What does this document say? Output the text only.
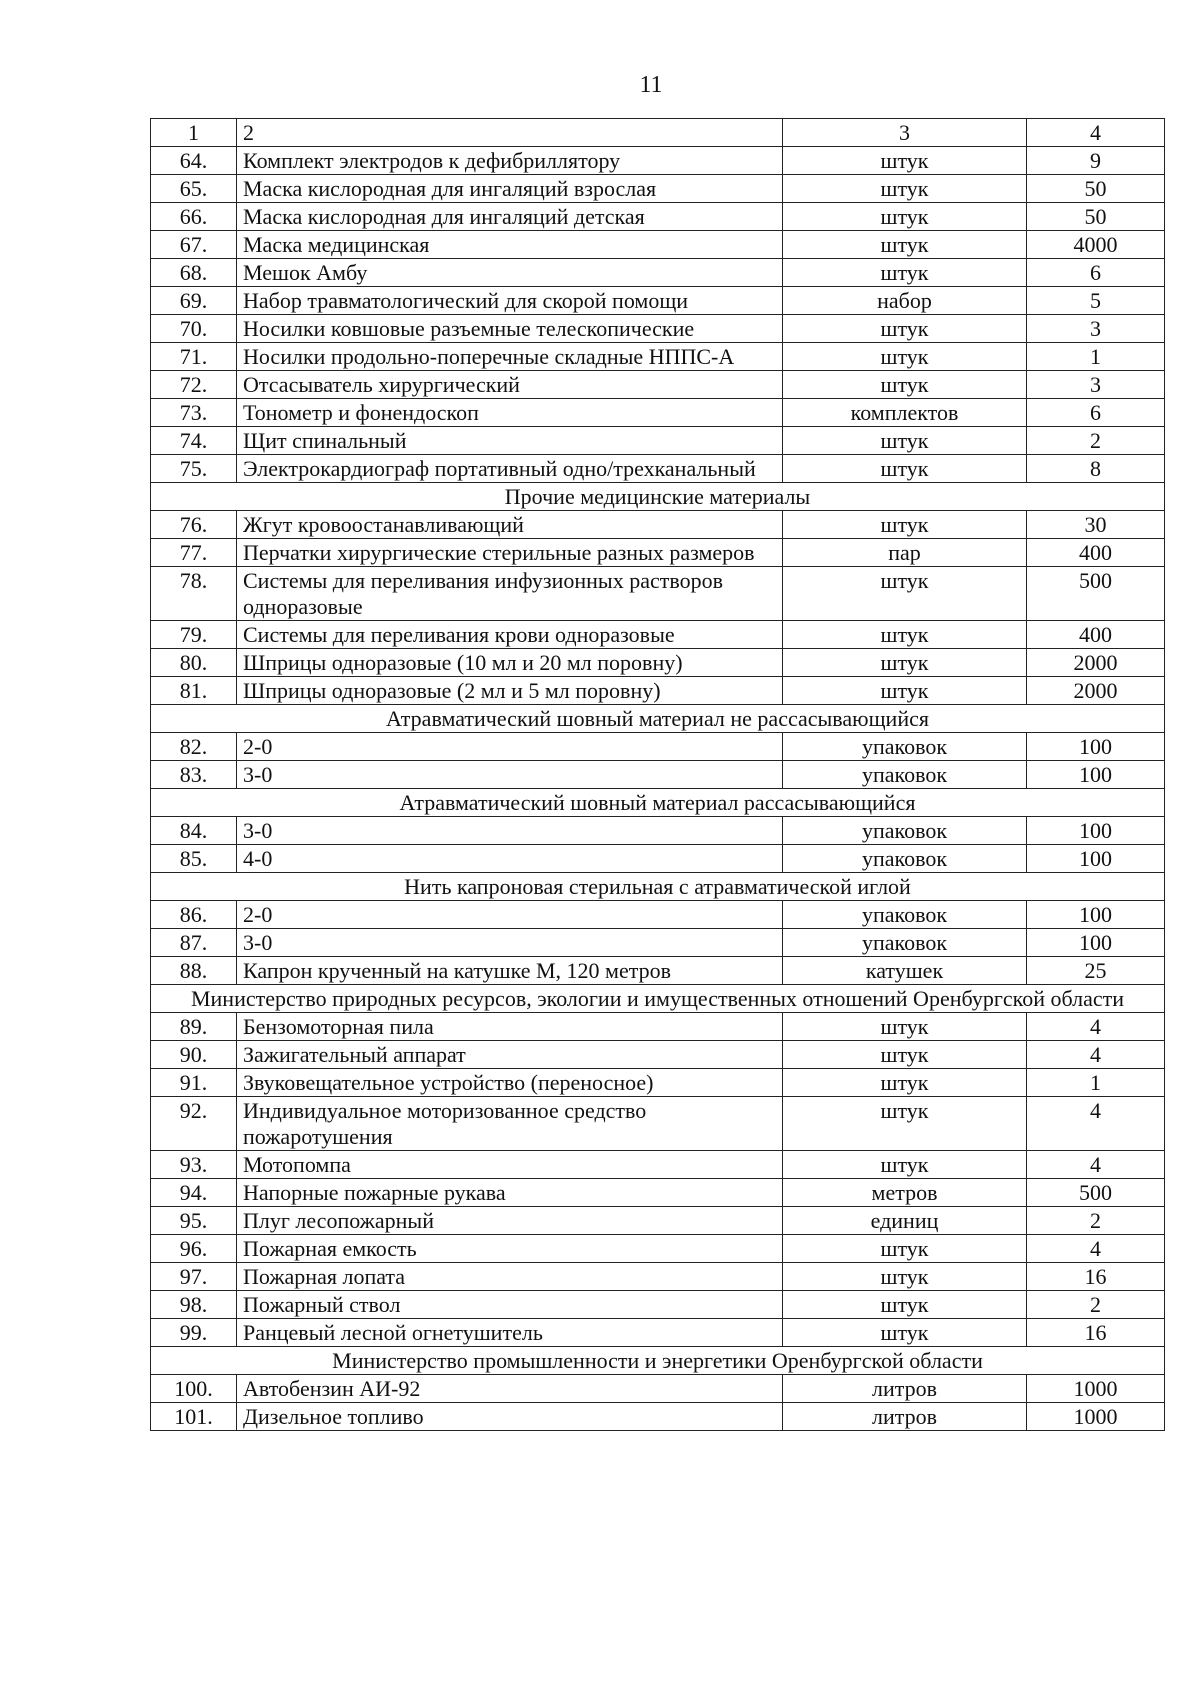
11
1	2	3	4
64.	Комплект электродов к дефибриллятору	штук	9
65.	Маска кислородная для ингаляций взрослая	штук	50
66.	Маска кислородная для ингаляций детская	штук	50
67.	Маска медицинская	штук	4000
68.	Мешок Амбу	штук	6
69.	Набор травматологический для скорой помощи	набор	5
70.	Носилки ковшовые разъемные телескопические	штук	3
71.	Носилки продольно-поперечные складные НППС-А	штук	1
72.	Отсасыватель хирургический	штук	3
73.	Тонометр и фонендоскоп	комплектов	6
74.	Щит спинальный	штук	2
75.	Электрокардиограф портативный одно/трехканальный	штук	8
Прочие медицинские материалы			
76.	Жгут кровоостанавливающий	штук	30
77.	Перчатки хирургические стерильные разных размеров	пар	400
78.	Системы для переливания инфузионных растворов одноразовые	штук	500
79.	Системы для переливания крови одноразовые	штук	400
80.	Шприцы одноразовые (10 мл и 20 мл поровну)	штук	2000
81.	Шприцы одноразовые (2 мл и 5 мл поровну)	штук	2000
Атравматический шовный материал не рассасывающийся			
82.	2-0	упаковок	100
83.	3-0	упаковок	100
Атравматический шовный материал рассасывающийся			
84.	3-0	упаковок	100
85.	4-0	упаковок	100
Нить капроновая стерильная с атравматической иглой			
86.	2-0	упаковок	100
87.	3-0	упаковок	100
88.	Капрон крученный на катушке М, 120 метров	катушек	25
Министерство природных ресурсов, экологии и имущественных отношений Оренбургской области			
89.	Бензомоторная пила	штук	4
90.	Зажигательный аппарат	штук	4
91.	Звуковещательное устройство (переносное)	штук	1
92.	Индивидуальное моторизованное средство пожаротушения	штук	4
93.	Мотопомпа	штук	4
94.	Напорные пожарные рукава	метров	500
95.	Плуг лесопожарный	единиц	2
96.	Пожарная емкость	штук	4
97.	Пожарная лопата	штук	16
98.	Пожарный ствол	штук	2
99.	Ранцевый лесной огнетушитель	штук	16
Министерство промышленности и энергетики Оренбургской области			
100.	Автобензин АИ-92	литров	1000
101.	Дизельное топливо	литров	1000
